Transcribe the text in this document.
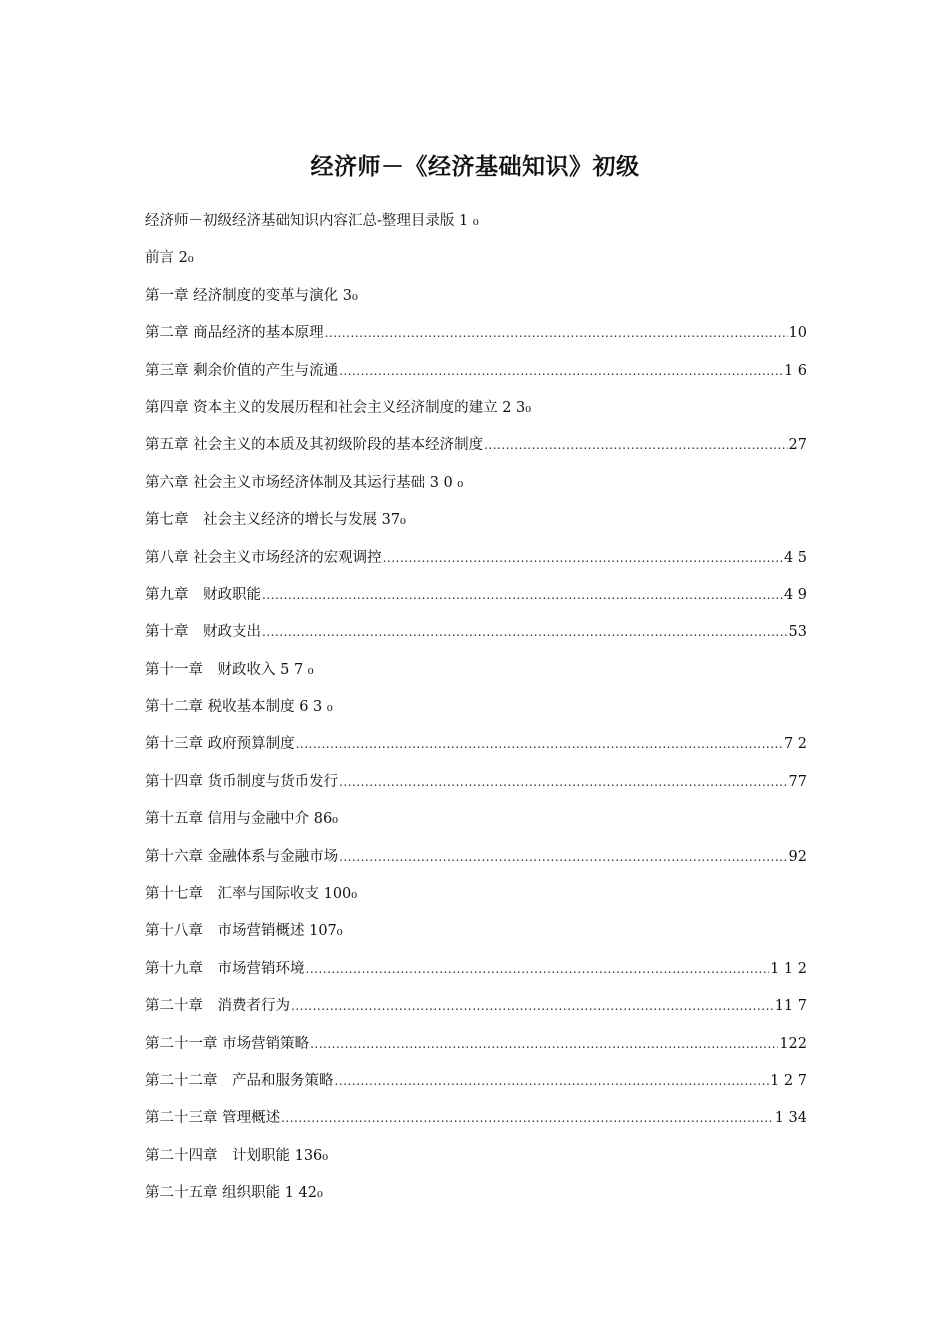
经济师－《经济基础知识》初级
经济师－初级经济基础知识内容汇总-整理目录版 1 ₀
前言 2₀
第一章 经济制度的变革与演化 3₀
第二章 商品经济的基本原理 .....	10
第三章 剩余价值的产生与流通 .....	1 6
第四章 资本主义的发展历程和社会主义经济制度的建立 2 3₀
第五章 社会主义的本质及其初级阶段的基本经济制度 .....	27
第六章 社会主义市场经济体制及其运行基础 3 0 ₀
第七章　社会主义经济的增长与发展 37₀
第八章 社会主义市场经济的宏观调控 .....	4 5
第九章　财政职能 .....	4 9
第十章　财政支出 .....	53
第十一章　财政收入 5 7 ₀
第十二章 税收基本制度 6 3 ₀
第十三章 政府预算制度 .....	7 2
第十四章 货币制度与货币发行 .....	77
第十五章 信用与金融中介 86₀
第十六章 金融体系与金融市场 .....	92
第十七章　汇率与国际收支 100₀
第十八章　市场营销概述 107₀
第十九章　市场营销环境 .....	1 1 2
第二十章　消费者行为 .....	11 7
第二十一章 市场营销策略 .....	122
第二十二章　产品和服务策略 .....	1 2 7
第二十三章 管理概述 .....	1 34
第二十四章　计划职能 136₀
第二十五章 组织职能 1 42₀
